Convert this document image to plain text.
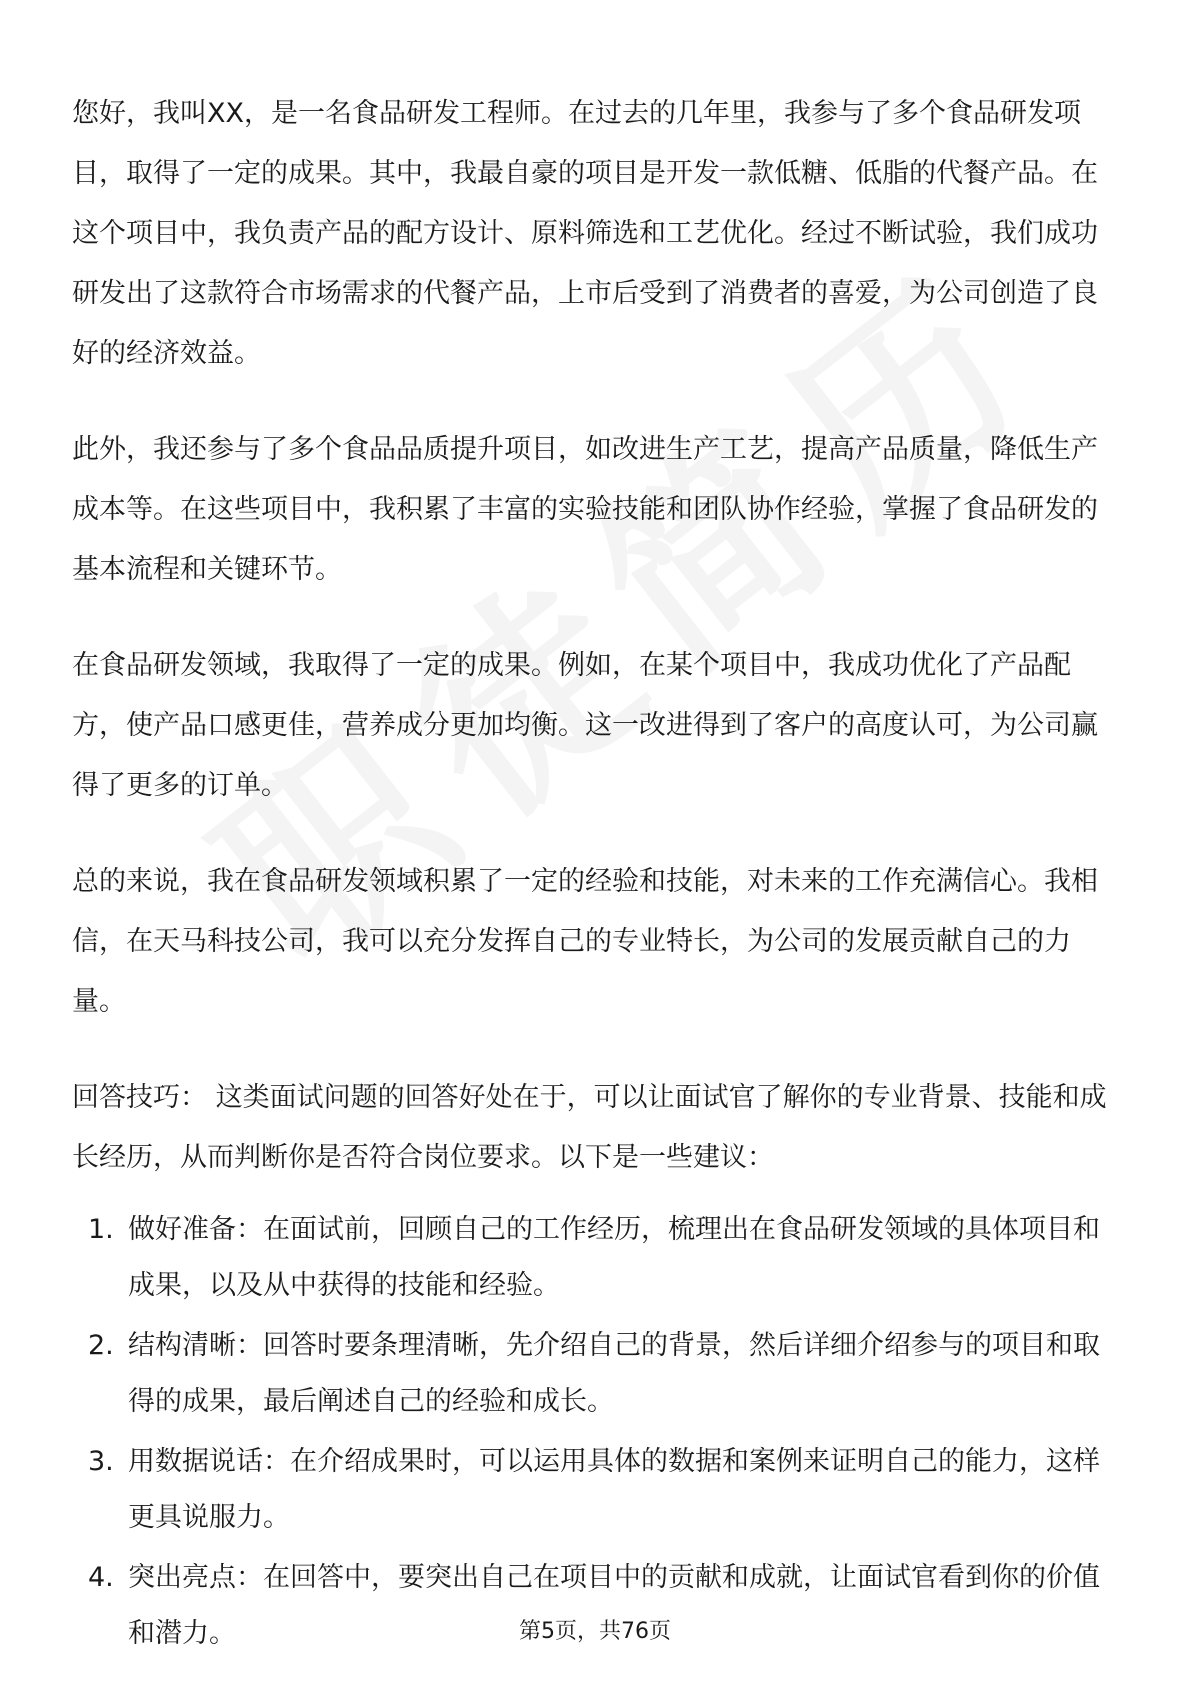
您好，我叫XX，是一名食品研发工程师。在过去的几年里，我参与了多个食品研发项目，取得了一定的成果。其中，我最自豪的项目是开发一款低糖、低脂的代餐产品。在这个项目中，我负责产品的配方设计、原料筛选和工艺优化。经过不断试验，我们成功研发出了这款符合市场需求的代餐产品，上市后受到了消费者的喜爱，为公司创造了良好的经济效益。

此外，我还参与了多个食品品质提升项目，如改进生产工艺，提高产品质量，降低生产成本等。在这些项目中，我积累了丰富的实验技能和团队协作经验，掌握了食品研发的基本流程和关键环节。

在食品研发领域，我取得了一定的成果。例如，在某个项目中，我成功优化了产品配方，使产品口感更佳，营养成分更加均衡。这一改进得到了客户的高度认可，为公司赢得了更多的订单。

总的来说，我在食品研发领域积累了一定的经验和技能，对未来的工作充满信心。我相信，在天马科技公司，我可以充分发挥自己的专业特长，为公司的发展贡献自己的力量。

回答技巧： 这类面试问题的回答好处在于，可以让面试官了解你的专业背景、技能和成长经历，从而判断你是否符合岗位要求。以下是一些建议：

1. 做好准备：在面试前，回顾自己的工作经历，梳理出在食品研发领域的具体项目和成果，以及从中获得的技能和经验。
2. 结构清晰：回答时要条理清晰，先介绍自己的背景，然后详细介绍参与的项目和取得的成果，最后阐述自己的经验和成长。
3. 用数据说话：在介绍成果时，可以运用具体的数据和案例来证明自己的能力，这样更具说服力。
4. 突出亮点：在回答中，要突出自己在项目中的贡献和成就，让面试官看到你的价值和潜力。	第5页，共76页
